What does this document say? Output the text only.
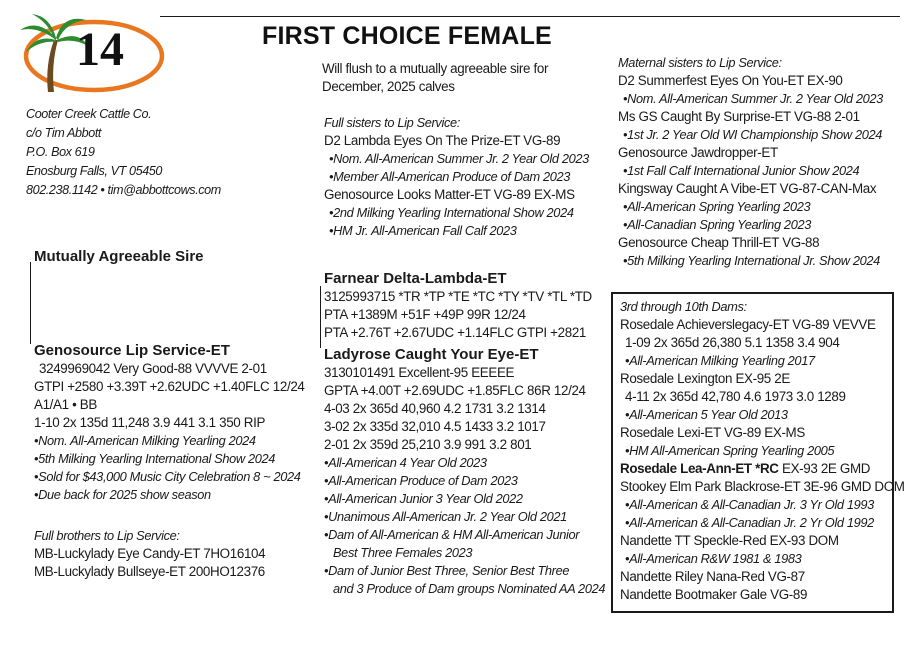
14	FIRST CHOICE FEMALE
Will flush to a mutually agreeable sire for
December, 2025 calves
Cooter Creek Cattle Co.
c/o Tim Abbott
P.O. Box 619
Enosburg Falls, VT 05450
802.238.1142 • tim@abbottcows.com
Mutually Agreeable Sire
Genosource Lip Service-ET
3249969042 Very Good-88 VVVVE 2-01
GTPI +2580 +3.39T +2.62UDC +1.40FLC 12/24
A1/A1 • BB
1-10 2x 135d 11,248 3.9 441 3.1 350 RIP
•Nom. All-American Milking Yearling 2024
•5th Milking Yearling International Show 2024
•Sold for $43,000 Music City Celebration 8 ~ 2024
•Due back for 2025 show season
Full brothers to Lip Service:
MB-Luckylady Eye Candy-ET 7HO16104
MB-Luckylady Bullseye-ET 200HO12376
Full sisters to Lip Service:
D2 Lambda Eyes On The Prize-ET VG-89
•Nom. All-American Summer Jr. 2 Year Old 2023
•Member All-American Produce of Dam 2023
Genosource Looks Matter-ET VG-89 EX-MS
•2nd Milking Yearling International Show 2024
•HM Jr. All-American Fall Calf 2023
Farnear Delta-Lambda-ET
3125993715 *TR *TP *TE *TC *TY *TV *TL *TD
PTA +1389M +51F +49P 99R 12/24
PTA +2.76T +2.67UDC +1.14FLC GTPI +2821
Ladyrose Caught Your Eye-ET
3130101491 Excellent-95 EEEEE
GPTA +4.00T +2.69UDC +1.85FLC 86R 12/24
4-03 2x 365d 40,960 4.2 1731 3.2 1314
3-02 2x 335d 32,010 4.5 1433 3.2 1017
2-01 2x 359d 25,210 3.9 991 3.2 801
•All-American 4 Year Old 2023
•All-American Produce of Dam 2023
•All-American Junior 3 Year Old 2022
•Unanimous All-American Jr. 2 Year Old 2021
•Dam of All-American & HM All-American Junior
Best Three Females 2023
•Dam of Junior Best Three, Senior Best Three
and 3 Produce of Dam groups Nominated AA 2024
Maternal sisters to Lip Service:
D2 Summerfest Eyes On You-ET EX-90
•Nom. All-American Summer Jr. 2 Year Old 2023
Ms GS Caught By Surprise-ET VG-88 2-01
•1st Jr. 2 Year Old WI Championship Show 2024
Genosource Jawdropper-ET
•1st Fall Calf International Junior Show 2024
Kingsway Caught A Vibe-ET VG-87-CAN-Max
•All-American Spring Yearling 2023
•All-Canadian Spring Yearling 2023
Genosource Cheap Thrill-ET VG-88
•5th Milking Yearling International Jr. Show 2024
3rd through 10th Dams:
Rosedale Achieverslegacy-ET VG-89 VEVVE
1-09 2x 365d 26,380 5.1 1358 3.4 904
•All-American Milking Yearling 2017
Rosedale Lexington EX-95 2E
4-11 2x 365d 42,780 4.6 1973 3.0 1289
•All-American 5 Year Old 2013
Rosedale Lexi-ET VG-89 EX-MS
•HM All-American Spring Yearling 2005
Rosedale Lea-Ann-ET *RC EX-93 2E GMD
Stookey Elm Park Blackrose-ET 3E-96 GMD DOM
•All-American & All-Canadian Jr. 3 Yr Old 1993
•All-American & All-Canadian Jr. 2 Yr Old 1992
Nandette TT Speckle-Red EX-93 DOM
•All-American R&W 1981 & 1983
Nandette Riley Nana-Red VG-87
Nandette Bootmaker Gale VG-89
